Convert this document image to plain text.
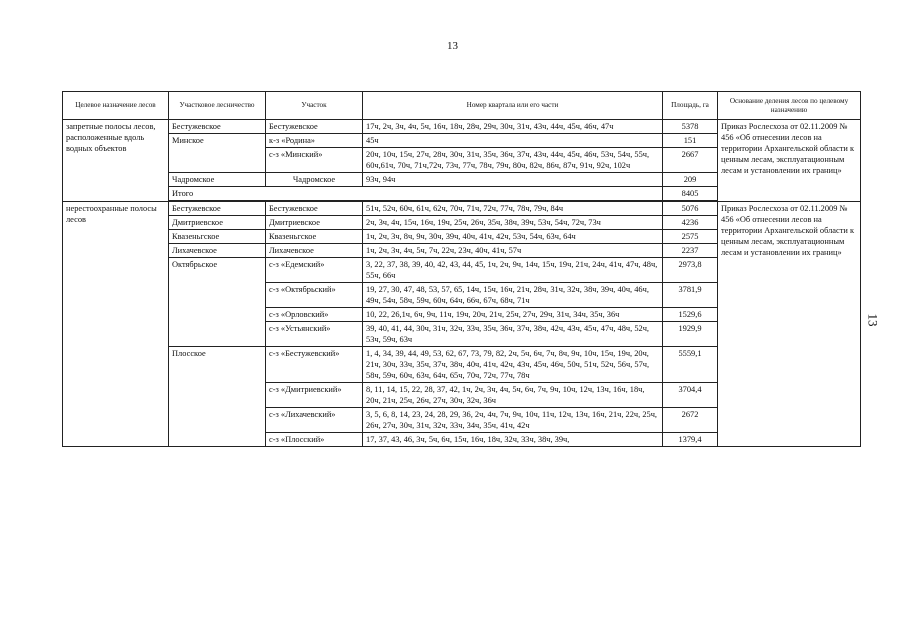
13
13
Целевое назначение лесов	Участковое лесничество	Участок	Номер квартала или его части	Площадь, га	Основание деления лесов по целевому назначению
запретные полосы лесов, расположенные вдоль водных объектов	Бестужевское	Бестужевское	17ч, 2ч, 3ч, 4ч, 5ч, 16ч, 18ч, 28ч, 29ч, 30ч, 31ч, 43ч, 44ч, 45ч, 46ч, 47ч	5378	Приказ Рослесхоза от 02.11.2009 № 456 «Об отнесении лесов на территории Архангельской области к ценным лесам, эксплуатационным лесам и установлении их границ»
	Минское	к-з «Родина»	45ч	151	
		с-з «Минский»	20ч, 10ч, 15ч, 27ч, 28ч, 30ч, 31ч, 35ч, 36ч, 37ч, 43ч, 44ч, 45ч, 46ч, 53ч, 54ч, 55ч, 60ч,61ч, 70ч, 71ч,72ч, 73ч, 77ч, 78ч, 79ч, 80ч, 82ч, 86ч, 87ч, 91ч, 92ч, 102ч	2667	
	Чадромское	Чадромское	93ч, 94ч	209	
	Итого			8405	

нерестоохранные полосы лесов	Бестужевское	Бестужевское	51ч, 52ч, 60ч, 61ч, 62ч, 70ч, 71ч, 72ч, 77ч, 78ч, 79ч, 84ч	5076	Приказ Рослесхоза от 02.11.2009 № 456 «Об отнесении лесов на территории Архангельской области к ценным лесам, эксплуатационным лесам и установлении их границ»
	Дмитриевское	Дмитриевское	2ч, 3ч, 4ч, 15ч, 16ч, 19ч, 25ч, 26ч, 35ч, 38ч, 39ч, 53ч, 54ч, 72ч, 73ч	4236	
	Квазеньгское	Квазеньгское	1ч, 2ч, 3ч, 8ч, 9ч, 30ч, 39ч, 40ч, 41ч, 42ч, 53ч, 54ч, 63ч, 64ч	2575	
	Лихачевское	Лихачевское	1ч, 2ч, 3ч, 4ч, 5ч, 7ч, 22ч, 23ч, 40ч, 41ч, 57ч	2237	
	Октябрьское	с-з «Едемский»	3, 22, 37, 38, 39, 40, 42, 43, 44, 45, 1ч, 2ч, 9ч, 14ч, 15ч, 19ч, 21ч, 24ч, 41ч, 47ч, 48ч, 55ч, 66ч	2973,8	
		с-з «Октябрьский»	19, 27, 30, 47, 48, 53, 57, 65, 14ч, 15ч, 16ч, 21ч, 28ч, 31ч, 32ч, 38ч, 39ч, 40ч, 46ч, 49ч, 54ч, 58ч, 59ч, 60ч, 64ч, 66ч, 67ч, 68ч, 71ч	3781,9	
		с-з «Орловский»	10, 22, 26,1ч, 6ч, 9ч, 11ч, 19ч, 20ч, 21ч, 25ч, 27ч, 29ч, 31ч, 34ч, 35ч, 36ч	1529,6	
		с-з «Устьянский»	39, 40, 41, 44, 30ч, 31ч, 32ч, 33ч, 35ч, 36ч, 37ч, 38ч, 42ч, 43ч, 45ч, 47ч, 48ч, 52ч, 53ч, 59ч, 63ч	1929,9	
	Плосское	с-з «Бестужевский»	1, 4, 34, 39, 44, 49, 53, 62, 67, 73, 79, 82, 2ч, 5ч, 6ч, 7ч, 8ч, 9ч, 10ч, 15ч, 19ч, 20ч, 21ч, 30ч, 33ч, 35ч, 37ч, 38ч, 40ч, 41ч, 42ч, 43ч, 45ч, 46ч, 50ч, 51ч, 52ч, 56ч, 57ч, 58ч, 59ч, 60ч, 63ч, 64ч, 65ч, 70ч, 72ч, 77ч, 78ч	5559,1	
		с-з «Дмитриевский»	8, 11, 14, 15, 22, 28, 37, 42, 1ч, 2ч, 3ч, 4ч, 5ч, 6ч, 7ч, 9ч, 10ч, 12ч, 13ч, 16ч, 18ч, 20ч, 21ч, 25ч, 26ч, 27ч, 30ч, 32ч, 36ч	3704,4	
		с-з «Лихачевский»	3, 5, 6, 8, 14, 23, 24, 28, 29, 36, 2ч, 4ч, 7ч, 9ч, 10ч, 11ч, 12ч, 13ч, 16ч, 21ч, 22ч, 25ч, 26ч, 27ч, 30ч, 31ч, 32ч, 33ч, 34ч, 35ч, 41ч, 42ч	2672	
		с-з «Плосский»	17, 37, 43, 46, 3ч, 5ч, 6ч, 15ч, 16ч, 18ч, 32ч, 33ч, 38ч, 39ч,	1379,4	
